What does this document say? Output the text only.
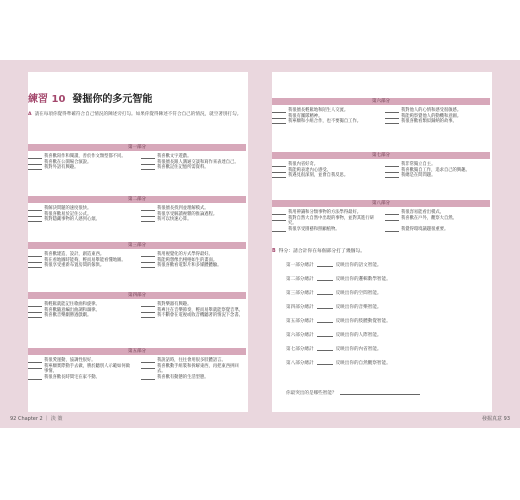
練習 10 發掘你的多元智能
A 請在每項你覺得準確符合自己情況的陳述旁打勾。如果你覺得陳述不符合自己的情況，就空著別打勾。
第一部分
我喜歡寫作和閱讀，善於作文類型都不同。	我喜歡文字遊戲。
我喜歡在公開場合演說。	我很擅長跟人溝通交談和寫作來表達自己。
我對外語有興趣。	我喜歡記住記憶所需資料。
第二部分
我解決問題的速度很快。	我很擅長找到並理解模式。
我很喜歡易於記住公式。	我很享受解讀複雜的推論過程。
我對隱藏事物的人感到心煩。	我可以快速心算。
第三部分
我喜歡建造、設計，創造東西。	我用視覺化的方式學得最好。
我在看地圖時能夠，輕而易舉能看懂地圖。	我能夠想像出栩栩如生的畫面。
我很享受重新布置房間的傢俱。	我很喜歡看電影片和多媒體體驗。
第四部分
我輕鬆就能記住歌曲和旋律。	我對樂器有興趣。
我喜歡隨意編出曲調和韻律。	我專注在音樂節奏，輕而易舉就能察覺音準。
我喜歡音樂劇勝過戲劇。	我不斷會在電視或收音機聽著的情況下念書。
第五部分
我很愛運動，協調性很好。	我說話時，往往會用很多肢體語言。
我寧願實際動手去做，勝於聽別人示範如何做事情。
我喜歡動手組裝和拆解東西，再把東西拼回去。
我很喜歡長時間宅在家不動。	我喜歡有動態的生活型態。
第六部分
我很擅長輕鬆地和陌生人交流。	我對他人的心情和感受很敏感。
我很有團隊精神。	我能夠察覺他人的動機和意圖。
我寧願和小組合作，也不要獨自工作。	我很喜歡看類似歸納的故事。
第七部分
我很內省好奇。	我非常獨立自主。
我能夠表達內心感受。	我喜歡獨自工作，追求自己的興趣。
我遇見很深刻，並會自我反思。	我總是在問問題。
第八部分
我用辨識和分類事物的方法學得最好。	我很容易能看出模式。
我對自然大自然中出現的事物，並對其進行研究。
我喜歡在戶外，觀察大自然。
我很享受園藝和照顧植物。	我覺得環境議題很重要。
B 得分：請合計你在每個部分打了幾個勾。
第一部分總計	反映出你的語文智能。
第二部分總計	反映出你的邏輯數學智能。
第三部分總計	反映出你的空間智能。
第四部分總計	反映出你的音樂智能。
第五部分總計	反映出你的肢體動覺智能。
第六部分總計	反映出你的人際智能。
第七部分總計	反映出你的內省智能。
第八部分總計	反映出你的自然觀察智能。
你最突出的是哪些智能？
92 Chapter 2 ｜ 決 策	發掘真意 93
